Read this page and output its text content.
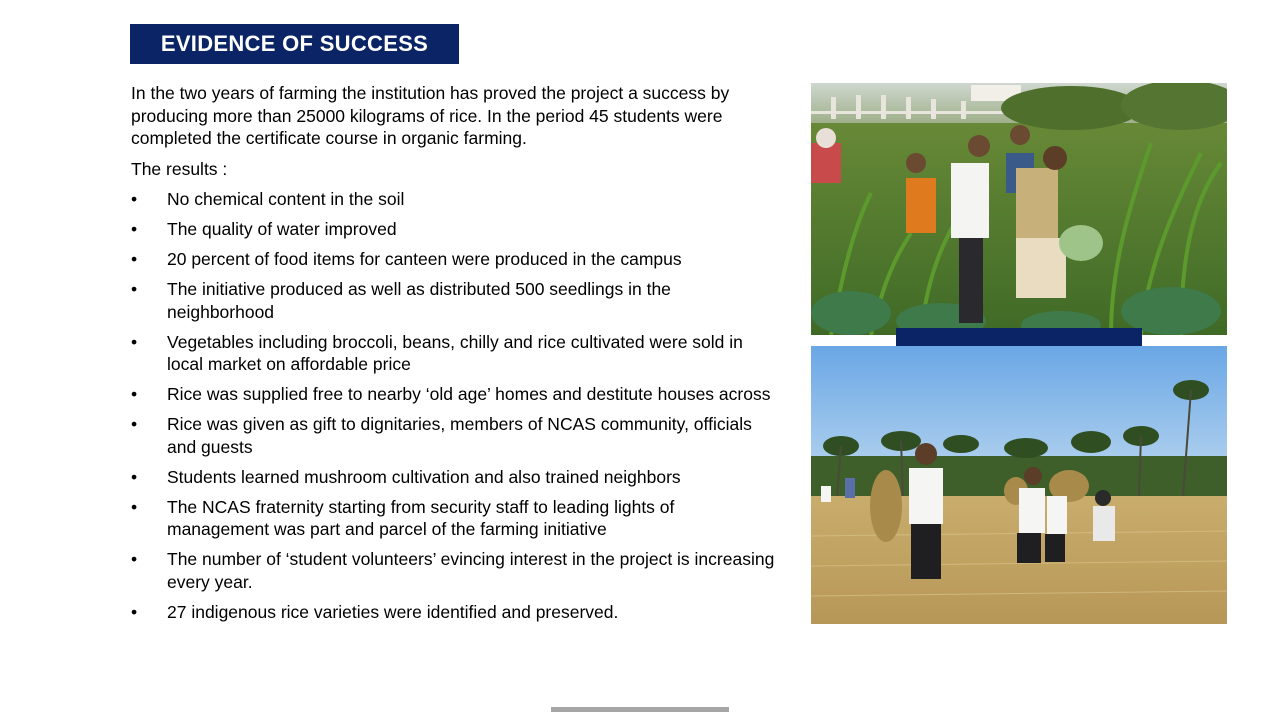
EVIDENCE OF SUCCESS

In the two years of farming the institution has proved the project a success by producing more than 25000 kilograms of rice. In the period 45 students were completed the certificate course in organic farming.

The results :

•	No chemical content in the soil
•	The quality of water improved
•	20 percent of food items for canteen were produced in the campus
•	The initiative produced as well as distributed 500 seedlings in the neighborhood
•	Vegetables including broccoli, beans, chilly and rice cultivated were sold in local market on affordable price
•	Rice was supplied free to nearby ‘old age’ homes and destitute houses across
•	Rice was given as gift to dignitaries, members of NCAS community, officials and guests
•	Students learned mushroom cultivation and also trained neighbors
•	The NCAS fraternity starting from security staff to leading lights of management was part and parcel of the farming initiative
•	The number of ‘student volunteers’ evincing interest in the project is increasing every year.
•	27 indigenous rice varieties were identified and preserved.
